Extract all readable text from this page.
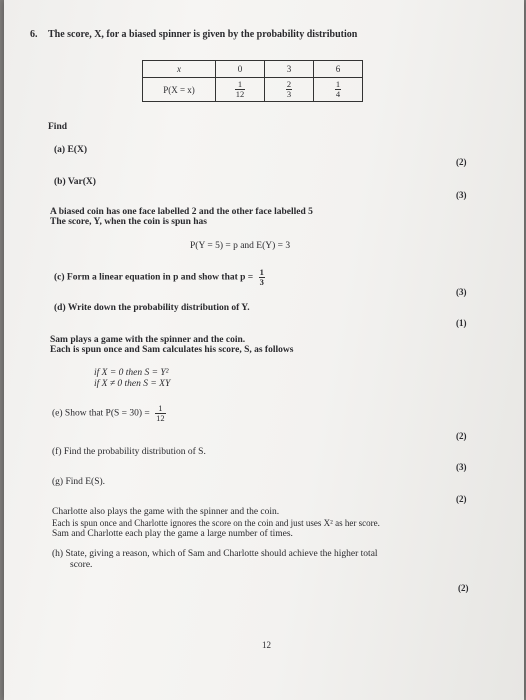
6. The score, X, for a biased spinner is given by the probability distribution
x	0	3	6
P(X = x)	$\frac{1}{12}$	$\frac{2}{3}$	$\frac{1}{4}$
Find
(a) E(X)
(2)
(b) Var(X)
(3)
A biased coin has one face labelled 2 and the other face labelled 5
The score, Y, when the coin is spun has
P(Y = 5) = p and E(Y) = 3
(c) Form a linear equation in p and show that $p = \frac{1}{3}$
(3)
(d) Write down the probability distribution of Y.
(1)
Sam plays a game with the spinner and the coin.
Each is spun once and Sam calculates his score, S, as follows
if X = 0 then S = Y²
if X ≠ 0 then S = XY
(e) Show that $P(S = 30) = \frac{1}{12}$
(2)
(f) Find the probability distribution of S.
(3)
(g) Find E(S).
(2)
Charlotte also plays the game with the spinner and the coin.
Each is spun once and Charlotte ignores the score on the coin and just uses X² as her score.
Sam and Charlotte each play the game a large number of times.
(h) State, giving a reason, which of Sam and Charlotte should achieve the higher total
score.
(2)
12
